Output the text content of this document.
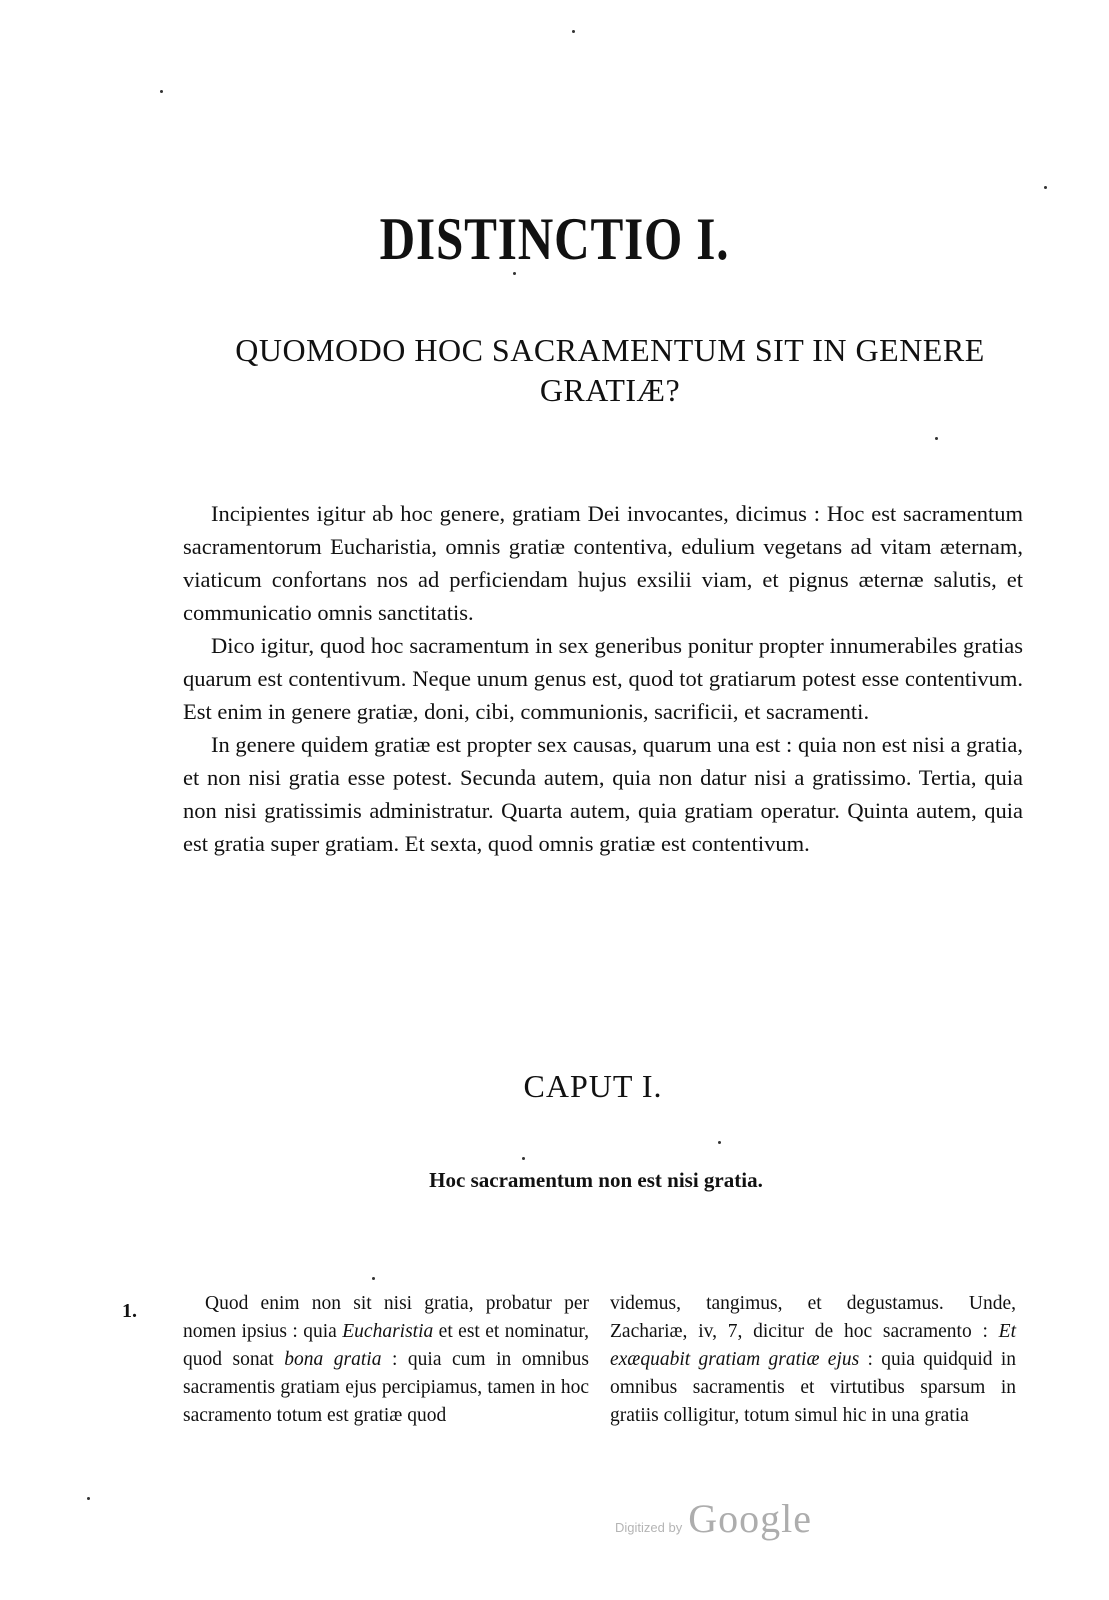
DISTINCTIO I.
QUOMODO HOC SACRAMENTUM SIT IN GENERE GRATIÆ?

Incipientes igitur ab hoc genere, gratiam Dei invocantes, dicimus : Hoc est sacramentum sacramentorum Eucharistia, omnis gratiæ contentiva, edulium vegetans ad vitam æternam, viaticum confortans nos ad perficiendam hujus exsilii viam, et pignus æternæ salutis, et communicatio omnis sanctitatis.

Dico igitur, quod hoc sacramentum in sex generibus ponitur propter innumerabiles gratias quarum est contentivum. Neque unum genus est, quod tot gratiarum potest esse contentivum. Est enim in genere gratiæ, doni, cibi, communionis, sacrificii, et sacramenti.

In genere quidem gratiæ est propter sex causas, quarum una est : quia non est nisi a gratia, et non nisi gratia esse potest. Secunda autem, quia non datur nisi a gratissimo. Tertia, quia non nisi gratissimis administratur. Quarta autem, quia gratiam operatur. Quinta autem, quia est gratia super gratiam. Et sexta, quod omnis gratiæ est contentivum.

CAPUT I.
Hoc sacramentum non est nisi gratia.
1.	Quod enim non sit nisi gratia, probatur per nomen ipsius : quia Eucharistia et est et nominatur, quod sonat bona gratia : quia cum in omnibus sacramentis gratiam ejus percipiamus, tamen in hoc sacramento totum est gratiæ quod

videmus, tangimus, et degustamus. Unde, Zachariæ, iv, 7, dicitur de hoc sacramento : Et exæquabit gratiam gratiæ ejus : quia quidquid in omnibus sacramentis et virtutibus sparsum in gratiis colligitur, totum simul hic in una gratia

Digitized by Google
